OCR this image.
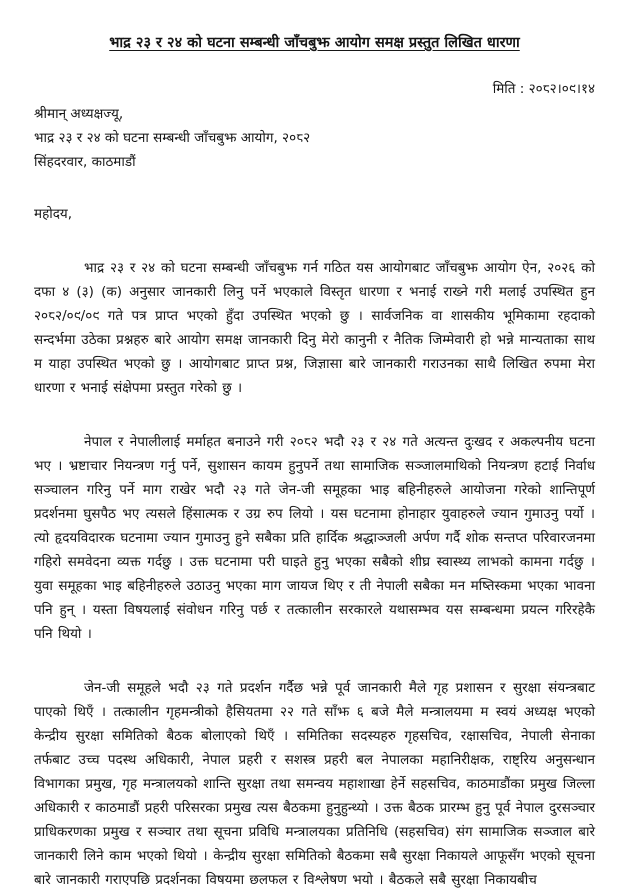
भाद्र २३ र २४ को घटना सम्बन्धी जाँचबुझ आयोग समक्ष प्रस्तुत लिखित धारणा
मिति : २०८२।०९।१४
श्रीमान् अध्यक्षज्यू,
भाद्र २३ र २४ को घटना सम्बन्धी जाँचबुझ आयोग, २०८२
सिंहदरवार, काठमाडौं
महोदय,

भाद्र २३ र २४ को घटना सम्बन्धी जाँचबुझ गर्न गठित यस आयोगबाट जाँचबुझ आयोग ऐन, २०२६ को दफा ४ (३) (क) अनुसार जानकारी लिनु पर्ने भएकाले विस्तृत धारणा र भनाई राख्ने गरी मलाई उपस्थित हुन २०८२/०९/०९ गते पत्र प्राप्त भएको हुँदा उपस्थित भएको छु । सार्वजनिक वा शासकीय भूमिकामा रहदाको सन्दर्भमा उठेका प्रश्नहरु बारे आयोग समक्ष जानकारी दिनु मेरो कानुनी र नैतिक जिम्मेवारी हो भन्ने मान्यताका साथ म याहा उपस्थित भएको छु । आयोगबाट प्राप्त प्रश्न, जिज्ञासा बारे जानकारी गराउनका साथै लिखित रुपमा मेरा धारणा र भनाई संक्षेपमा प्रस्तुत गरेको छु ।

नेपाल र नेपालीलाई मर्माहत बनाउने गरी २०८२ भदौ २३ र २४ गते अत्यन्त दुःखद र अकल्पनीय घटना भए । भ्रष्टाचार नियन्त्रण गर्नु पर्ने, सुशासन कायम हुनुपर्ने तथा सामाजिक सञ्जालमाथिको नियन्त्रण हटाई निर्वाध सञ्चालन गरिनु पर्ने माग राखेर भदौ २३ गते जेन-जी समूहका भाइ बहिनीहरुले आयोजना गरेको शान्तिपूर्ण प्रदर्शनमा घुसपैठ भए त्यसले हिंसात्मक र उग्र रुप लियो । यस घटनामा होनाहार युवाहरुले ज्यान गुमाउनु पर्यो । त्यो हृदयविदारक घटनामा ज्यान गुमाउनु हुने सबैका प्रति हार्दिक श्रद्धाञ्जली अर्पण गर्दै शोक सन्तप्त परिवारजनमा गहिरो समवेदना व्यक्त गर्दछु । उक्त घटनामा परी घाइते हुनु भएका सबैको शीघ्र स्वास्थ्य लाभको कामना गर्दछु । युवा समूहका भाइ बहिनीहरुले उठाउनु भएका माग जायज थिए र ती नेपाली सबैका मन मष्तिस्कमा भएका भावना पनि हुन् । यस्ता विषयलाई संवोधन गरिनु पर्छ र तत्कालीन सरकारले यथासम्भव यस सम्बन्धमा प्रयत्न गरिरहेकै पनि थियो ।

जेन-जी समूहले भदौ २३ गते प्रदर्शन गर्दैछ भन्ने पूर्व जानकारी मैले गृह प्रशासन र सुरक्षा संयन्त्रबाट पाएको थिएँ । तत्कालीन गृहमन्त्रीको हैसियतमा २२ गते साँझ ६ बजे मैले मन्त्रालयमा म स्वयं अध्यक्ष भएको केन्द्रीय सुरक्षा समितिको बैठक बोलाएको थिएँ । समितिका सदस्यहरु गृहसचिव, रक्षासचिव, नेपाली सेनाका तर्फबाट उच्च पदस्थ अधिकारी, नेपाल प्रहरी र सशस्त्र प्रहरी बल नेपालका महानिरीक्षक, राष्ट्रिय अनुसन्धान विभागका प्रमुख, गृह मन्त्रालयको शान्ति सुरक्षा तथा समन्वय महाशाखा हेर्ने सहसचिव, काठमाडौंका प्रमुख जिल्ला अधिकारी र काठमाडौं प्रहरी परिसरका प्रमुख त्यस बैठकमा हुनुहुन्थ्यो । उक्त बैठक प्रारम्भ हुनु पूर्व नेपाल दुरसञ्चार प्राधिकरणका प्रमुख र सञ्चार तथा सूचना प्रविधि मन्त्रालयका प्रतिनिधि (सहसचिव) संग सामाजिक सञ्जाल बारे जानकारी लिने काम भएको थियो । केन्द्रीय सुरक्षा समितिको बैठकमा सबै सुरक्षा निकायले आफूसँग भएको सूचना बारे जानकारी गराएपछि प्रदर्शनका विषयमा छलफल र विश्लेषण भयो । बैठकले सबै सुरक्षा निकायबीच
